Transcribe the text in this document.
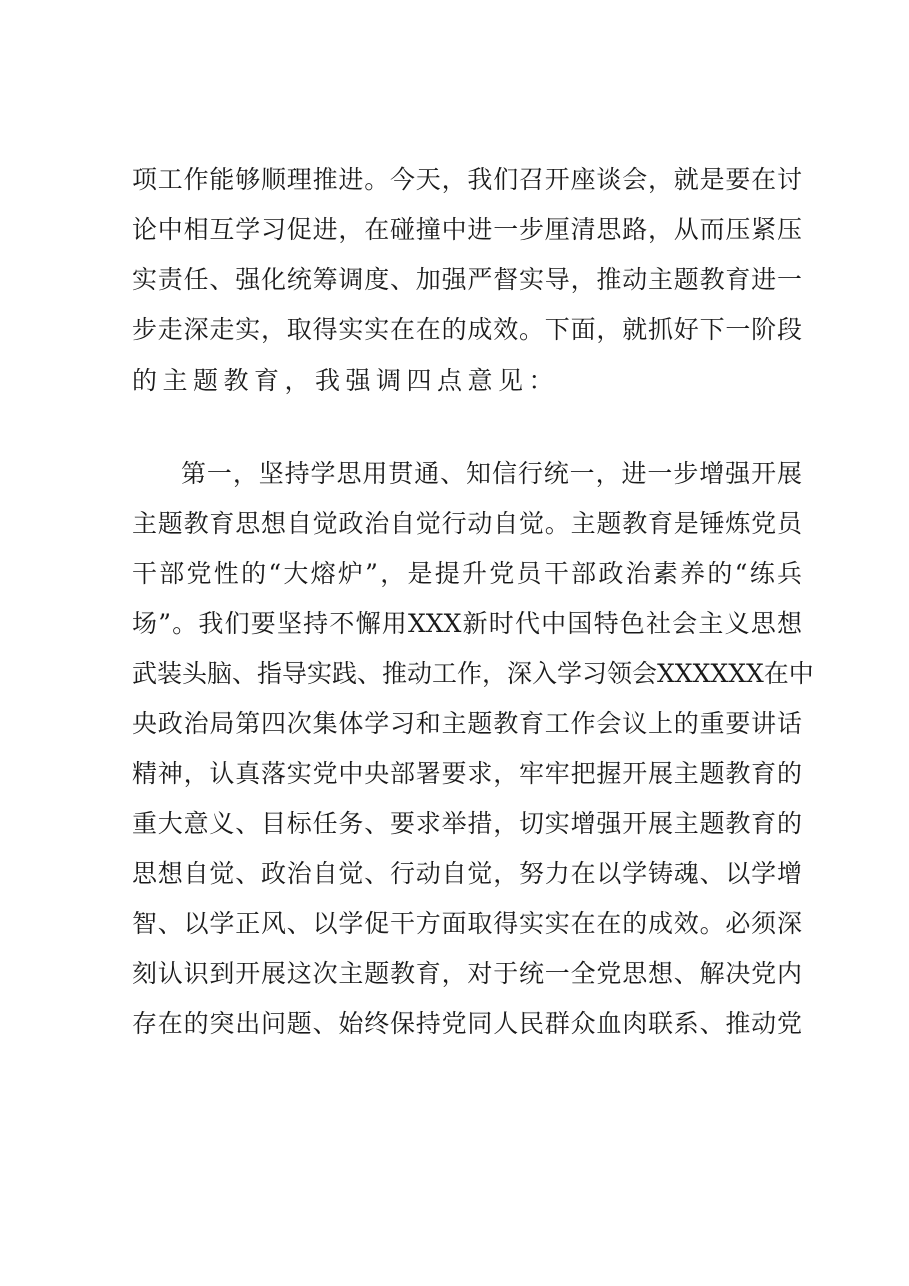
项工作能够顺理推进。今天，我们召开座谈会，就是要在讨

论中相互学习促进，在碰撞中进一步厘清思路，从而压紧压

实责任、强化统筹调度、加强严督实导，推动主题教育进一

步走深走实，取得实实在在的成效。下面，就抓好下一阶段

的主题教育，我强调四点意见：

第一，坚持学思用贯通、知信行统一，进一步增强开展

主题教育思想自觉政治自觉行动自觉。主题教育是锤炼党员

干部党性的“大熔炉”，是提升党员干部政治素养的“练兵

场”。我们要坚持不懈用XXX新时代中国特色社会主义思想

武装头脑、指导实践、推动工作，深入学习领会XXXXXX在中

央政治局第四次集体学习和主题教育工作会议上的重要讲话

精神，认真落实党中央部署要求，牢牢把握开展主题教育的

重大意义、目标任务、要求举措，切实增强开展主题教育的

思想自觉、政治自觉、行动自觉，努力在以学铸魂、以学增

智、以学正风、以学促干方面取得实实在在的成效。必须深

刻认识到开展这次主题教育，对于统一全党思想、解决党内

存在的突出问题、始终保持党同人民群众血肉联系、推动党
